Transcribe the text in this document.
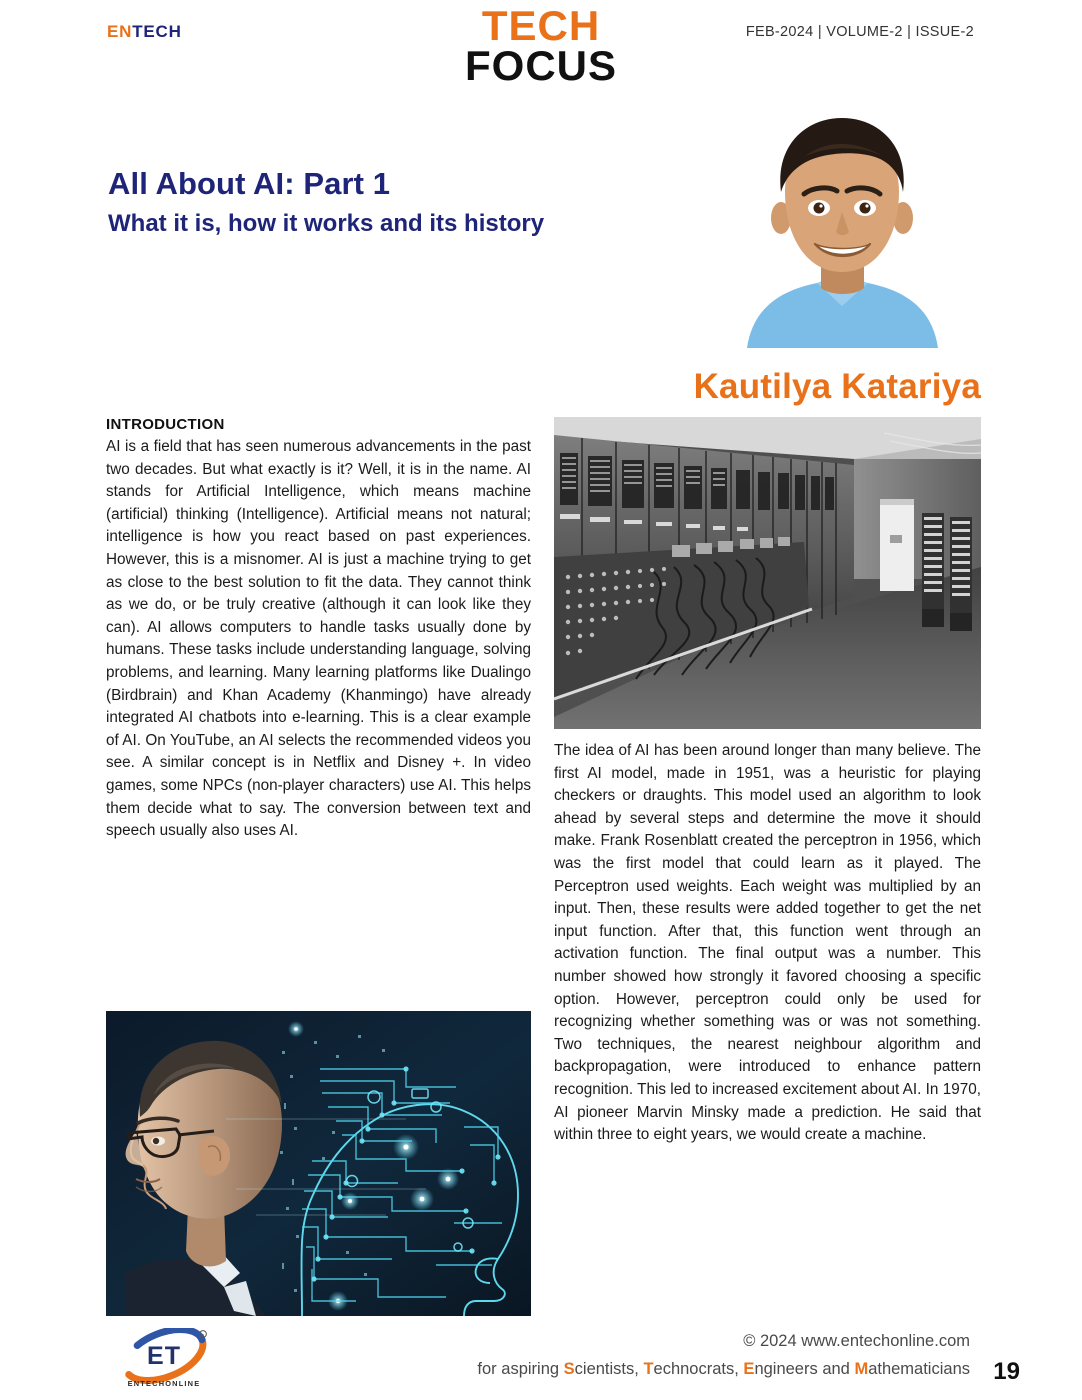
ENTECH	TECH
FOCUS
FEB-2024 | VOLUME-2 | ISSUE-2
All About AI: Part 1
What it is, how it works and its history
Kautilya Katariya

INTRODUCTION

AI is a field that has seen numerous advancements in the past two decades. But what exactly is it? Well, it is in the name. AI stands for Artificial Intelligence, which means machine (artificial) thinking (Intelligence). Artificial means not natural; intelligence is how you react based on past experiences. However, this is a misnomer. AI is just a machine trying to get as close to the best solution to fit the data. They cannot think as we do, or be truly creative (although it can look like they can). AI allows computers to handle tasks usually done by humans. These tasks include understanding language, solving problems, and learning. Many learning platforms like Dualingo (Birdbrain) and Khan Academy (Khanmingo) have already integrated AI chatbots into e-learning. This is a clear example of AI. On YouTube, an AI selects the recommended videos you see. A similar concept is in Netflix and Disney +. In video games, some NPCs (non-player characters) use AI. This helps them decide what to say. The conversion between text and speech usually also uses AI.

The idea of AI has been around longer than many believe. The first AI model, made in 1951, was a heuristic for playing checkers or draughts. This model used an algorithm to look ahead by several steps and determine the move it should make. Frank Rosenblatt created the perceptron in 1956, which was the first model that could learn as it played. The Perceptron used weights. Each weight was multiplied by an input. Then, these results were added together to get the net input function. After that, this function went through an activation function. The final output was a number. This number showed how strongly it favored choosing a specific option. However, perceptron could only be used for recognizing whether something was or was not something. Two techniques, the nearest neighbour algorithm and backpropagation, were introduced to enhance pattern recognition. This led to increased excitement about AI. In 1970, AI pioneer Marvin Minsky made a prediction. He said that within three to eight years, we would create a machine.

R
ET
ENTECHONLINE
© 2024 www.entechonline.com
for aspiring Scientists, Technocrats, Engineers and Mathematicians 19
